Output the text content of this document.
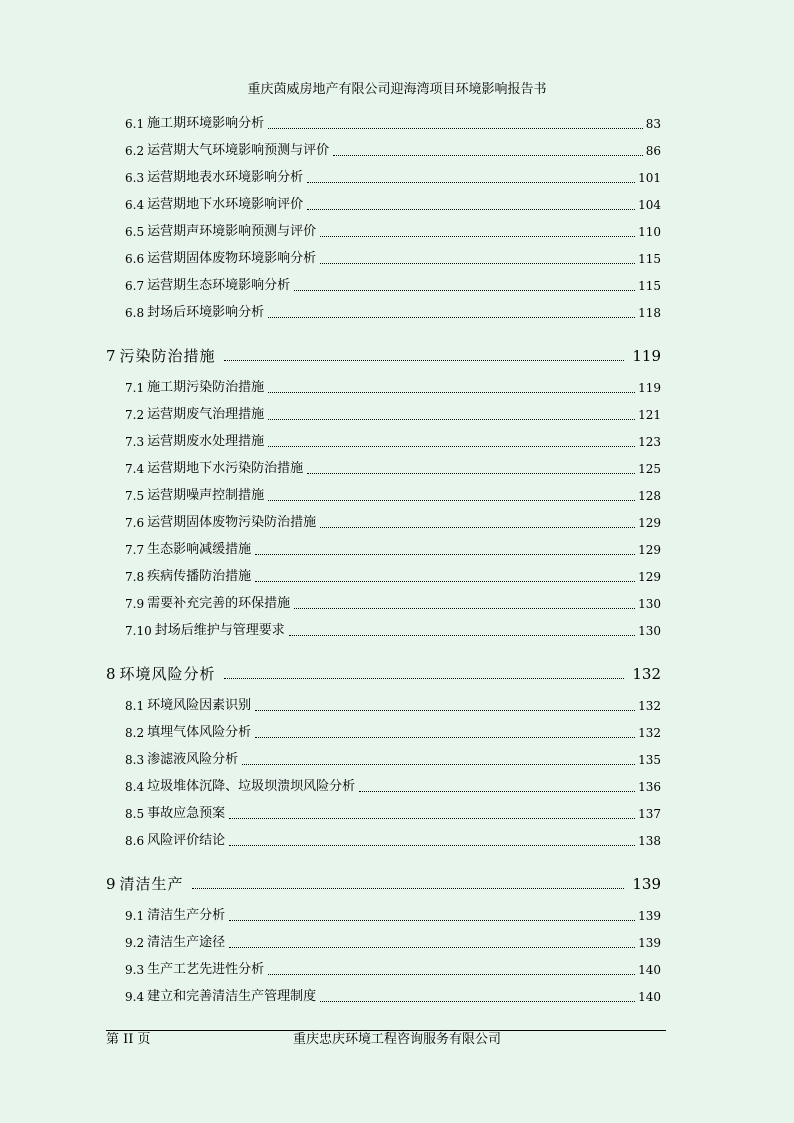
重庆茵威房地产有限公司迎海湾项目环境影响报告书
6.1 施工期环境影响分析	83
6.2 运营期大气环境影响预测与评价	86
6.3 运营期地表水环境影响分析	101
6.4 运营期地下水环境影响评价	104
6.5 运营期声环境影响预测与评价	110
6.6 运营期固体废物环境影响分析	115
6.7 运营期生态环境影响分析	115
6.8 封场后环境影响分析	118
7 污染防治措施	119
7.1 施工期污染防治措施	119
7.2 运营期废气治理措施	121
7.3 运营期废水处理措施	123
7.4 运营期地下水污染防治措施	125
7.5 运营期噪声控制措施	128
7.6 运营期固体废物污染防治措施	129
7.7 生态影响减缓措施	129
7.8 疾病传播防治措施	129
7.9 需要补充完善的环保措施	130
7.10 封场后维护与管理要求	130
8 环境风险分析	132
8.1 环境风险因素识别	132
8.2 填埋气体风险分析	132
8.3 渗滤液风险分析	135
8.4 垃圾堆体沉降、垃圾坝溃坝风险分析	136
8.5 事故应急预案	137
8.6 风险评价结论	138
9 清洁生产	139
9.1 清洁生产分析	139
9.2 清洁生产途径	139
9.3 生产工艺先进性分析	140
9.4 建立和完善清洁生产管理制度	140
第 II 页	重庆忠庆环境工程咨询服务有限公司
